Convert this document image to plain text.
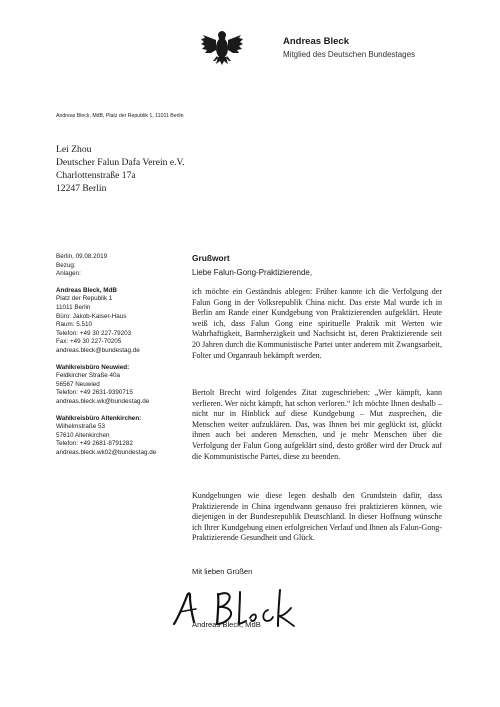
Andreas Bleck
Mitglied des Deutschen Bundestages
Andreas Bleck, MdB, Platz der Republik 1, 11011 Berlin
Lei Zhou
Deutscher Falun Dafa Verein e.V.
Charlottenstraße 17a
12247 Berlin
Berlin, 09.08.2019
Bezug:
Anlagen:
Andreas Bleck, MdB
Platz der Republik 1
11011 Berlin
Büro: Jakob-Kaiser-Haus
Raum: 5.510
Telefon: +49 30 227-79203
Fax: +49 30 227-70205
andreas.bleck@bundestag.de
Wahlkreisbüro Neuwied:
Feldkircher Straße 40a
56567 Neuwied
Telefon: +49 2631-9390715
andreas.bleck.wk@bundestag.de
Wahlkreisbüro Altenkirchen:
Wilhelmstraße 53
57610 Altenkirchen
Telefon: +49 2681-8791282
andreas.bleck.wk02@bundestag.de
Grußwort
Liebe Falun-Gong-Praktizierende,

ich möchte ein Geständnis ablegen: Früher kannte ich die Verfolgung der Falun Gong in der Volksrepublik China nicht. Das erste Mal wurde ich in Berlin am Rande einer Kundgebung von Praktizierenden aufgeklärt. Heute weiß ich, dass Falun Gong eine spirituelle Praktik mit Werten wie Wahrhaftigkeit, Barmherzigkeit und Nachsicht ist, deren Praktizierende seit 20 Jahren durch die Kommunistische Partei unter anderem mit Zwangsarbeit, Folter und Organraub bekämpft werden.

Bertolt Brecht wird folgendes Zitat zugeschrieben: „Wer kämpft, kann verlieren. Wer nicht kämpft, hat schon verloren.“ Ich möchte Ihnen deshalb – nicht nur in Hinblick auf diese Kundgebung – Mut zusprechen, die Menschen weiter aufzuklären. Das, was Ihnen bei mir geglückt ist, glückt ihnen auch bei anderen Menschen, und je mehr Menschen über die Verfolgung der Falun Gong aufgeklärt sind, desto größer wird der Druck auf die Kommunistische Partei, diese zu beenden.

Kundgebungen wie diese legen deshalb den Grundstein dafür, dass Praktizierende in China irgendwann genauso frei praktizieren können, wie diejenigen in der Bundesrepublik Deutschland. In dieser Hoffnung wünsche ich Ihrer Kundgebung einen erfolgreichen Verlauf und Ihnen als Falun-Gong-Praktizierende Gesundheit und Glück.

Mit lieben Grüßen
Andreas Bleck, MdB
